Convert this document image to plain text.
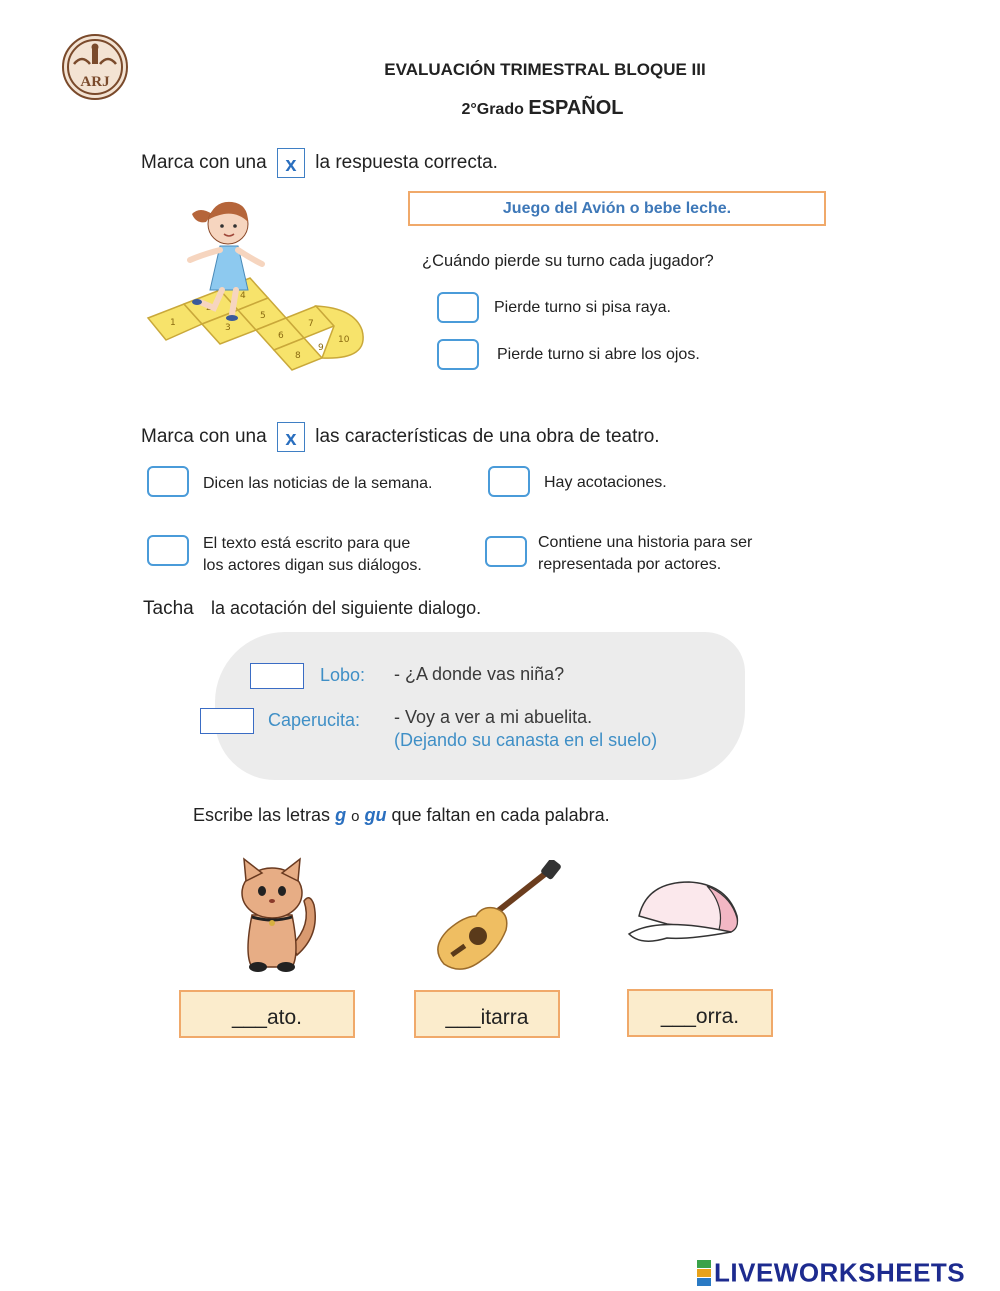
ARJ
EVALUACIÓN TRIMESTRAL BLOQUE III
2°Grado ESPAÑOL
Marca con una x la respuesta correcta.
1
2
3
4
5
6
7
8
9
10
Juego del Avión o bebe leche.
¿Cuándo pierde su turno cada jugador?
Pierde turno si pisa raya.
Pierde turno si abre los ojos.
Marca con una x las características de una obra de teatro.
Dicen las noticias de la semana.	Hay acotaciones.
El texto está escrito para que
los actores digan sus diálogos.
Contiene una historia para ser
representada por actores.
Tacha la acotación del siguiente dialogo.
Lobo: - ¿A donde vas niña?
Caperucita: - Voy a ver a mi abuelita.
(Dejando su canasta en el suelo)
Escribe las letras g o gu que faltan en cada palabra.
___ato.	___itarra	___orra.
LIVEWORKSHEETS
